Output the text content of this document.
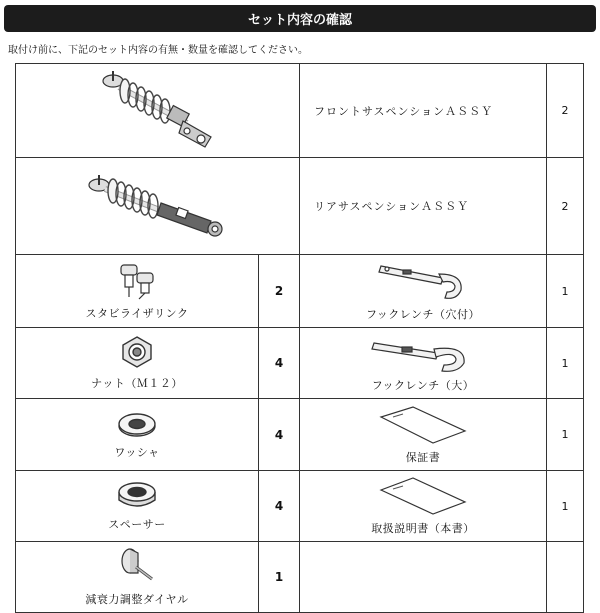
セット内容の確認
取付け前に、下記のセット内容の有無・数量を確認してください。
	フロントサスペンションＡＳＳＹ	2

	リアサスペンションＡＳＳＹ	2

スタビライザリンク	2	フックレンチ（穴付）	1

ナット（Ｍ１２）	4	フックレンチ（大）	1

ワッシャ	4	保証書	1

スペーサー	4	取扱説明書（本書）	1

減衰力調整ダイヤル	1		
